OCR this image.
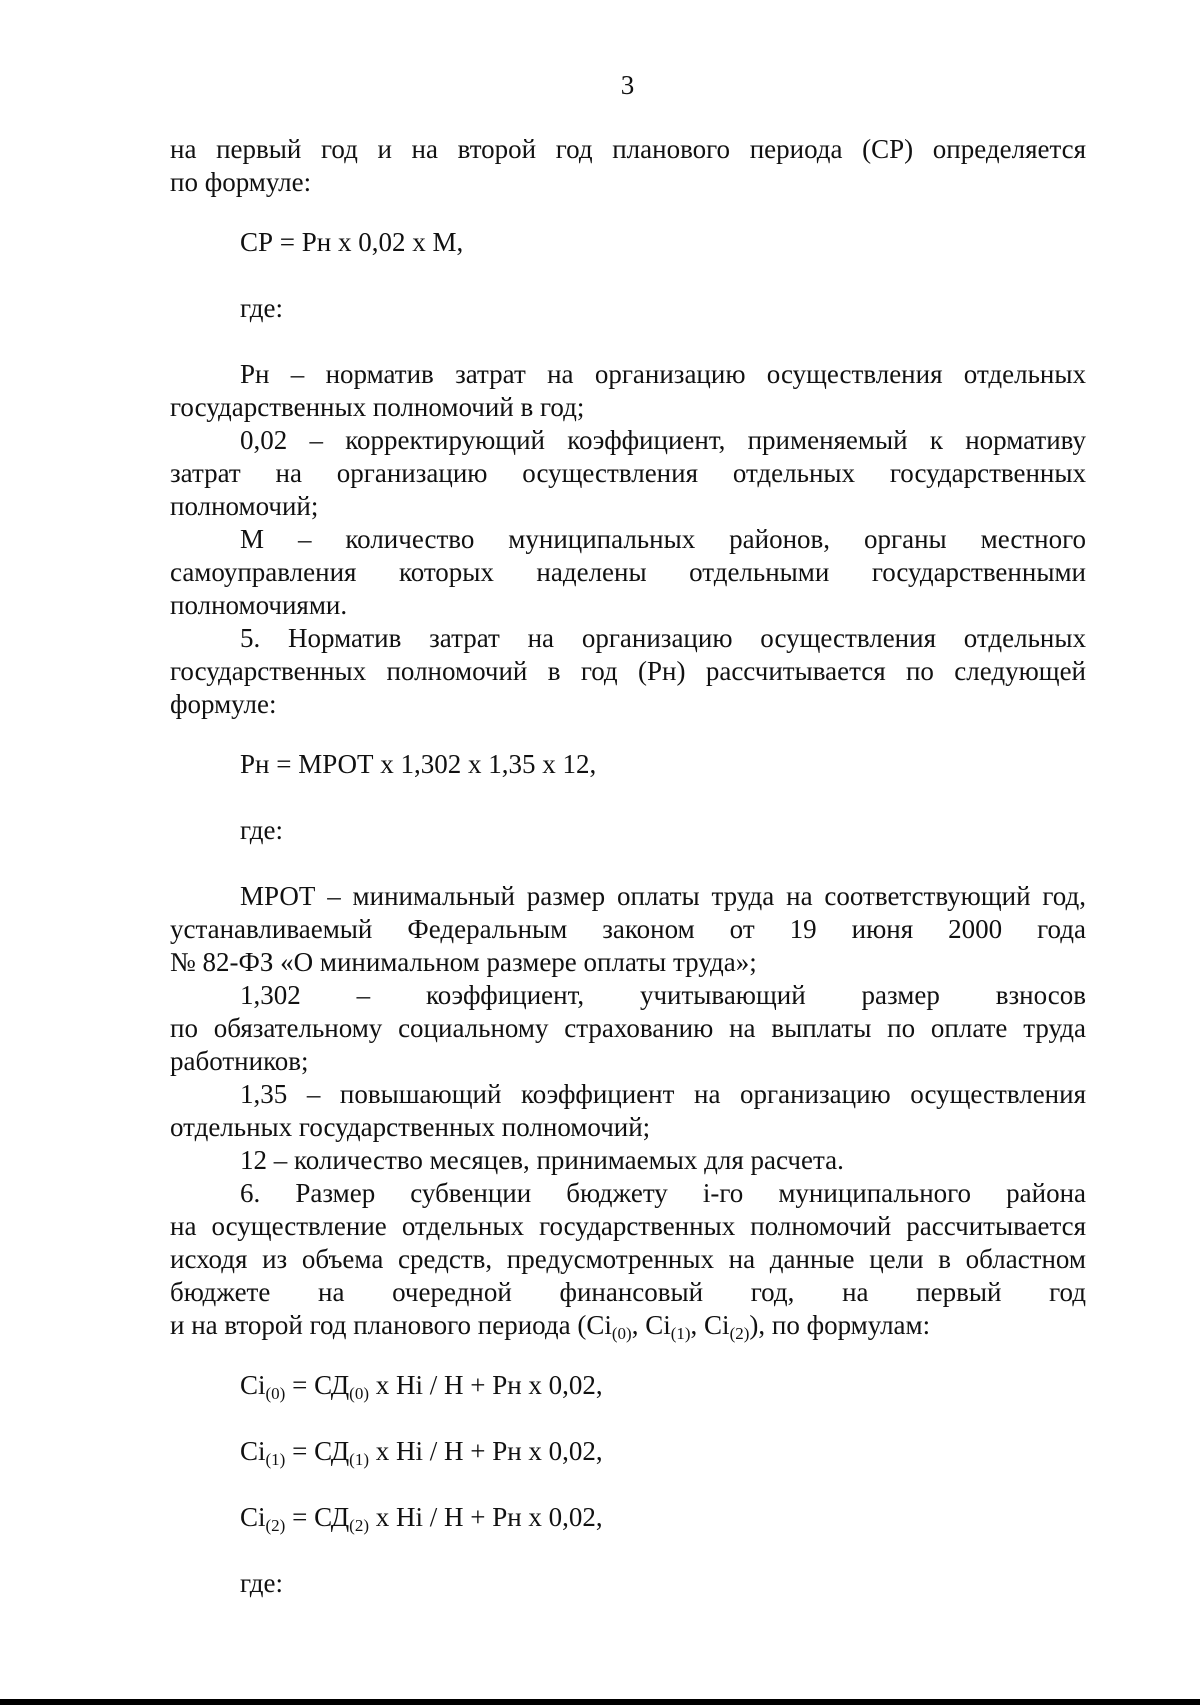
3
на первый год и на второй год планового периода (СР) определяется
по формуле:
СР = Рн х 0,02 х М,
где:
Рн – норматив затрат на организацию осуществления отдельных
государственных полномочий в год;
0,02 – корректирующий коэффициент, применяемый к нормативу
затрат на организацию осуществления отдельных государственных
полномочий;
М – количество муниципальных районов, органы местного
самоуправления которых наделены отдельными государственными
полномочиями.
5. Норматив затрат на организацию осуществления отдельных
государственных полномочий в год (Рн) рассчитывается по следующей
формуле:
Рн = МРОТ х 1,302 х 1,35 х 12,
где:
МРОТ – минимальный размер оплаты труда на соответствующий год,
устанавливаемый Федеральным законом от 19 июня 2000 года
№ 82-ФЗ «О минимальном размере оплаты труда»;
1,302 – коэффициент, учитывающий размер взносов
по обязательному социальному страхованию на выплаты по оплате труда
работников;
1,35 – повышающий коэффициент на организацию осуществления
отдельных государственных полномочий;
12 – количество месяцев, принимаемых для расчета.
6. Размер субвенции бюджету i-го муниципального района
на осуществление отдельных государственных полномочий рассчитывается
исходя из объема средств, предусмотренных на данные цели в областном
бюджете на очередной финансовый год, на первый год
и на второй год планового периода ($Ci_{(0)}$, $Ci_{(1)}$, $Ci_{(2)}$), по формулам:
$Ci_{(0)} = СД_{(0)}$ х Hi / Н + Рн х 0,02,
$Ci_{(1)} = СД_{(1)}$ х Hi / Н + Рн х 0,02,
$Ci_{(2)} = СД_{(2)}$ х Hi / Н + Рн х 0,02,
где:
